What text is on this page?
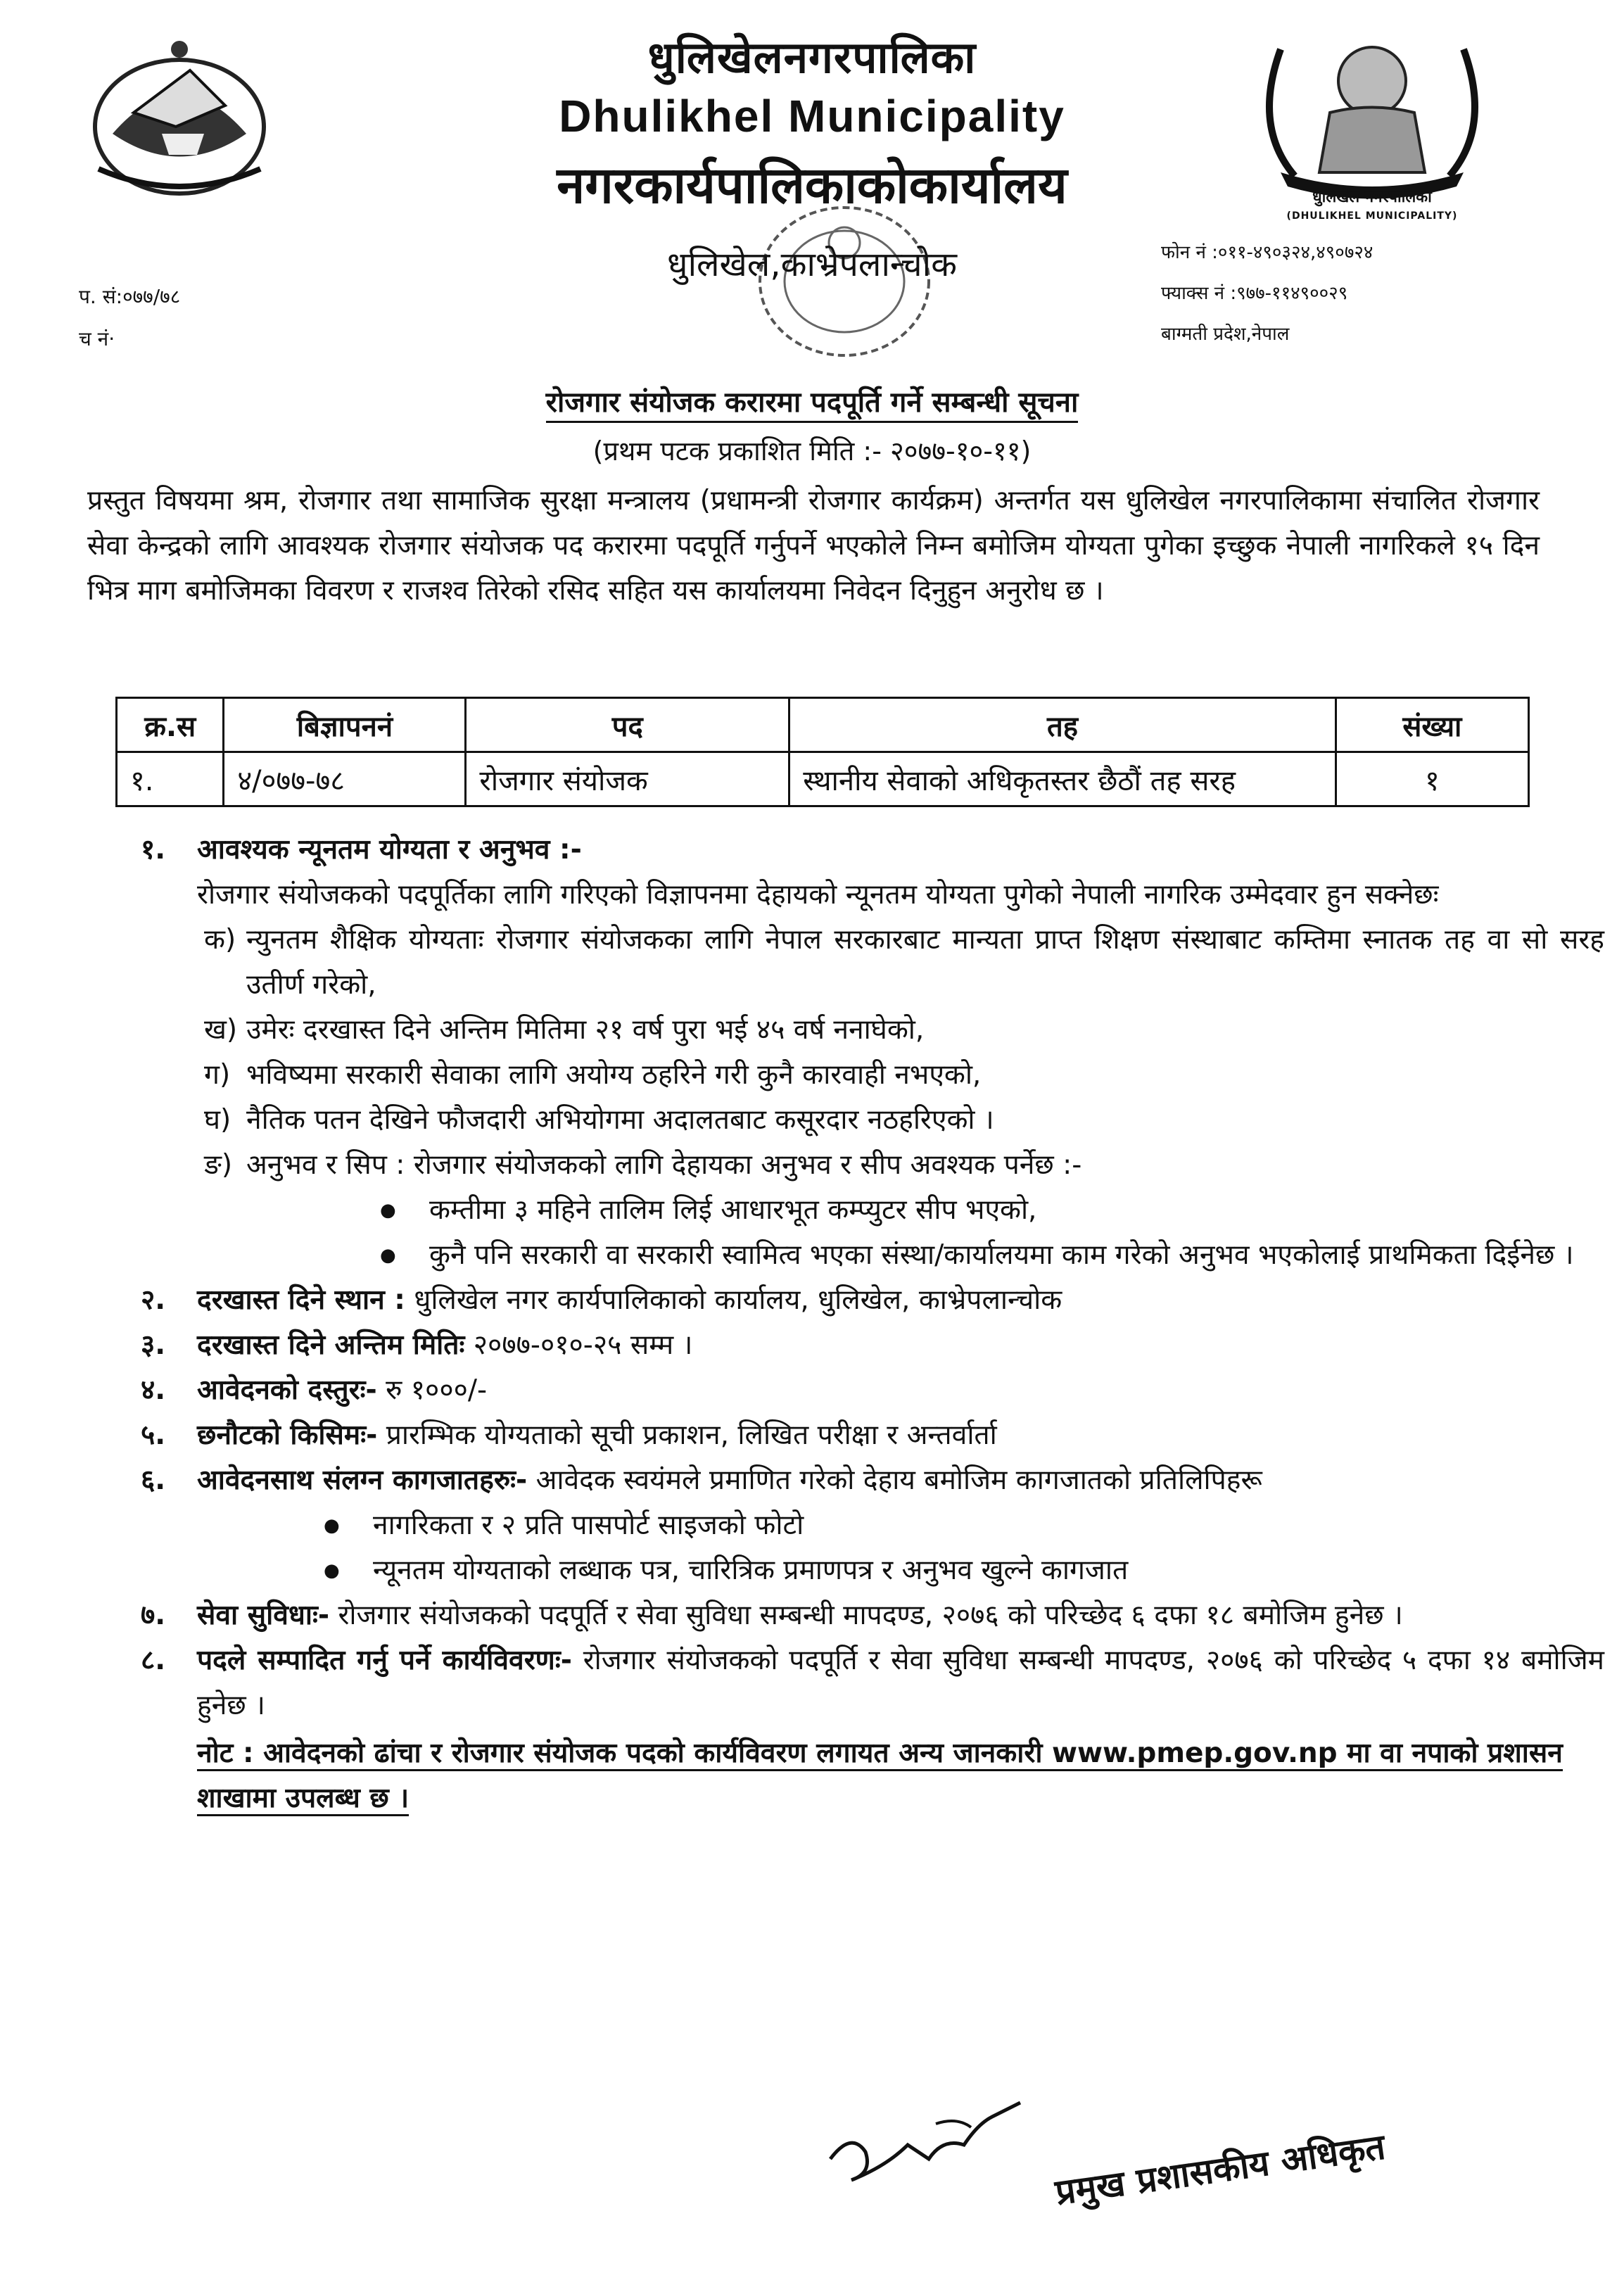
धुलिखेल नगरपालिका
(DHULIKHEL MUNICIPALITY)
धुलिखेलनगरपालिका
Dhulikhel Municipality
नगरकार्यपालिकाकोकार्यालय
धुलिखेल,काभ्रेपलान्चोक
प. सं:०७७/७८
च नं·
फोन नं :०११-४९०३२४,४९०७२४
फ्याक्स नं :९७७-११४९००२९
बाग्मती प्रदेश,नेपाल
रोजगार संयोजक करारमा पदपूर्ति गर्ने सम्बन्धी सूचना
(प्रथम पटक प्रकाशित मिति :- २०७७-१०-११)
प्रस्तुत विषयमा श्रम, रोजगार तथा सामाजिक सुरक्षा मन्त्रालय (प्रधामन्त्री रोजगार कार्यक्रम) अन्तर्गत यस धुलिखेल नगरपालिकामा संचालित रोजगार सेवा केन्द्रको लागि आवश्यक रोजगार संयोजक पद करारमा पदपूर्ति गर्नुपर्ने भएकोले निम्न बमोजिम योग्यता पुगेका इच्छुक नेपाली नागरिकले १५ दिन भित्र माग बमोजिमका विवरण र राजश्व तिरेको रसिद सहित यस कार्यालयमा निवेदन दिनुहुन अनुरोध छ ।
क्र.स	बिज्ञापननं	पद	तह	संख्या
१.	४/०७७-७८	रोजगार संयोजक	स्थानीय सेवाको अधिकृतस्तर छैठौं तह सरह	१
१. आवश्यक न्यूनतम योग्यता र अनुभव :-
रोजगार संयोजकको पदपूर्तिका लागि गरिएको विज्ञापनमा देहायको न्यूनतम योग्यता पुगेको नेपाली नागरिक उम्मेदवार हुन सक्नेछः
क) न्युनतम शैक्षिक योग्यताः रोजगार संयोजकका लागि नेपाल सरकारबाट मान्यता प्राप्त शिक्षण संस्थाबाट कम्तिमा स्नातक तह वा सो सरह उतीर्ण गरेको,
ख) उमेरः दरखास्त दिने अन्तिम मितिमा २१ वर्ष पुरा भई ४५ वर्ष ननाघेको,
ग) भविष्यमा सरकारी सेवाका लागि अयोग्य ठहरिने गरी कुनै कारवाही नभएको,
घ) नैतिक पतन देखिने फौजदारी अभियोगमा अदालतबाट कसूरदार नठहरिएको ।
ङ) अनुभव र सिप : रोजगार संयोजकको लागि देहायका अनुभव र सीप अवश्यक पर्नेछ :-
● कम्तीमा ३ महिने तालिम लिई आधारभूत कम्प्युटर सीप भएको,
● कुनै पनि सरकारी वा सरकारी स्वामित्व भएका संस्था/कार्यालयमा काम गरेको अनुभव भएकोलाई प्राथमिकता दिईनेछ ।
२. दरखास्त दिने स्थान : धुलिखेल नगर कार्यपालिकाको कार्यालय, धुलिखेल, काभ्रेपलान्चोक
३. दरखास्त दिने अन्तिम मितिः २०७७-०१०-२५ सम्म ।
४. आवेदनको दस्तुरः- रु १०००/-
५. छनौटको किसिमः- प्रारम्भिक योग्यताको सूची प्रकाशन, लिखित परीक्षा र अन्तर्वार्ता
६. आवेदनसाथ संलग्न कागजातहरुः- आवेदक स्वयंमले प्रमाणित गरेको देहाय बमोजिम कागजातको प्रतिलिपिहरू
● नागरिकता र २ प्रति पासपोर्ट साइजको फोटो
● न्यूनतम योग्यताको लब्धाक पत्र, चारित्रिक प्रमाणपत्र र अनुभव खुल्ने कागजात
७. सेवा सुविधाः- रोजगार संयोजकको पदपूर्ति र सेवा सुविधा सम्बन्धी मापदण्ड, २०७६ को परिच्छेद ६ दफा १८ बमोजिम हुनेछ ।
८. पदले सम्पादित गर्नु पर्ने कार्यविवरणः- रोजगार संयोजकको पदपूर्ति र सेवा सुविधा सम्बन्धी मापदण्ड, २०७६ को परिच्छेद ५ दफा १४ बमोजिम हुनेछ ।
नोट : आवेदनको ढांचा र रोजगार संयोजक पदको कार्यविवरण लगायत अन्य जानकारी www.pmep.gov.np मा वा नपाको प्रशासन शाखामा उपलब्ध छ ।
प्रमुख प्रशासकीय अधिकृत
